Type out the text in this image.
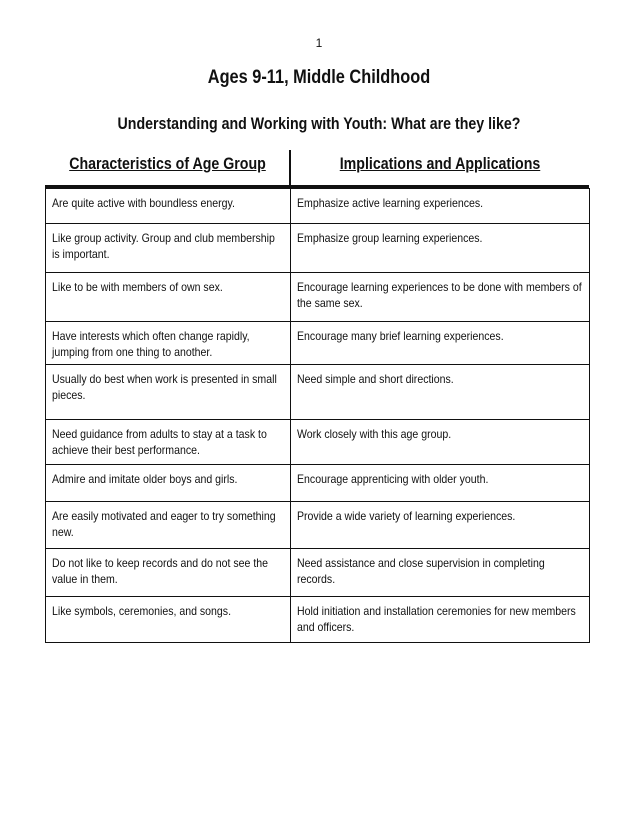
1
Ages 9-11, Middle Childhood
Understanding and Working with Youth: What are they like?
Characteristics of Age Group	Implications and Applications
Are quite active with boundless energy.	Emphasize active learning experiences.

Like group activity. Group and club membership is important.	Emphasize group learning experiences.

Like to be with members of own sex.	Encourage learning experiences to be done with members of the same sex.

Have interests which often change rapidly, jumping from one thing to another.	Encourage many brief learning experiences.

Usually do best when work is presented in small pieces.	Need simple and short directions.

Need guidance from adults to stay at a task to achieve their best performance.	Work closely with this age group.

Admire and imitate older boys and girls.	Encourage apprenticing with older youth.

Are easily motivated and eager to try something new.	Provide a wide variety of learning experiences.

Do not like to keep records and do not see the value in them.	Need assistance and close supervision in completing records.

Like symbols, ceremonies, and songs.	Hold initiation and installation ceremonies for new members and officers.
